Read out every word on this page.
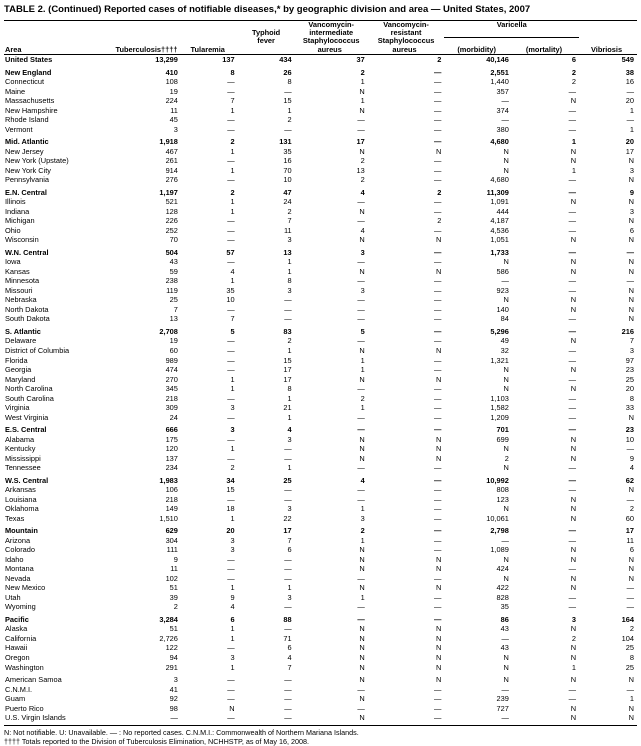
TABLE 2. (Continued) Reported cases of notifiable diseases,* by geographic division and area — United States, 2007
				Vancomycin-	Vancomycin-	Varicella		
			Typhoid	intermediate	resistant			
			fever	Staphylococcus	Staphylococcus			
Area	Tuberculosis††††	Tularemia		aureus	aureus	(morbidity)	(mortality)	Vibriosis
United States	13,299	137	434	37	2	40,146	6	549

New England	410	8	26	2	—	2,551	2	38
Connecticut	108	—	8	1	—	1,440	2	16
Maine	19	—	—	N	—	357	—	—
Massachusetts	224	7	15	1	—	—	N	20
New Hampshire	11	1	1	N	—	374	—	1
Rhode Island	45	—	2	—	—	—	—	—
Vermont	3	—	—	—	—	380	—	1

Mid. Atlantic	1,918	2	131	17	—	4,680	1	20
New Jersey	467	1	35	N	N	N	N	17
New York (Upstate)	261	—	16	2	—	N	N	N
New York City	914	1	70	13	—	N	1	3
Pennsylvania	276	—	10	2	—	4,680	—	N

E.N. Central	1,197	2	47	4	2	11,309	—	9
Illinois	521	1	24	—	—	1,091	N	N
Indiana	128	1	2	N	—	444	—	3
Michigan	226	—	7	—	2	4,187	—	N
Ohio	252	—	11	4	—	4,536	—	6
Wisconsin	70	—	3	N	N	1,051	N	N

W.N. Central	504	57	13	3	—	1,733	—	—
Iowa	43	—	1	—	—	N	N	N
Kansas	59	4	1	N	N	586	N	N
Minnesota	238	1	8	—	—	—	—	—
Missouri	119	35	3	3	—	923	—	N
Nebraska	25	10	—	—	—	N	N	N
North Dakota	7	—	—	—	—	140	N	N
South Dakota	13	7	—	—	—	84	—	N

S. Atlantic	2,708	5	83	5	—	5,296	—	216
Delaware	19	—	2	—	—	49	N	7
District of Columbia	60	—	1	N	N	32	—	3
Florida	989	—	15	1	—	1,321	—	97
Georgia	474	—	17	1	—	N	N	23
Maryland	270	1	17	N	N	N	—	25
North Carolina	345	1	8	—	—	N	N	20
South Carolina	218	—	1	2	—	1,103	—	8
Virginia	309	3	21	1	—	1,582	—	33
West Virginia	24	—	1	—	—	1,209	—	N

E.S. Central	666	3	4	—	—	701	—	23
Alabama	175	—	3	N	N	699	N	10
Kentucky	120	1	—	N	N	N	N	—
Mississippi	137	—	—	N	N	2	N	9
Tennessee	234	2	1	—	—	N	—	4

W.S. Central	1,983	34	25	4	—	10,992	—	62
Arkansas	106	15	—	—	—	808	—	N
Louisiana	218	—	—	—	—	123	N	—
Oklahoma	149	18	3	1	—	N	N	2
Texas	1,510	1	22	3	—	10,061	N	60

Mountain	629	20	17	2	—	2,798	—	17
Arizona	304	3	7	1	—	—	—	11
Colorado	111	3	6	N	—	1,089	N	6
Idaho	9	—	—	N	N	N	N	N
Montana	11	—	—	N	N	424	—	N
Nevada	102	—	—	—	—	N	N	N
New Mexico	51	1	1	N	N	422	N	—
Utah	39	9	3	1	—	828	—	—
Wyoming	2	4	—	—	—	35	—	—

Pacific	3,284	6	88	—	—	86	3	164
Alaska	51	1	—	N	N	43	N	2
California	2,726	1	71	N	N	—	2	104
Hawaii	122	—	6	N	N	43	N	25
Oregon	94	3	4	N	N	N	N	8
Washington	291	1	7	N	N	N	1	25

American Samoa	3	—	—	N	N	N	N	N
C.N.M.I.	41	—	—	—	—	—	—	—
Guam	92	—	—	N	—	239	—	1
Puerto Rico	98	N	—	—	—	727	N	N
U.S. Virgin Islands	—	—	—	N	—	—	N	N
N: Not notifiable. U: Unavailable. — : No reported cases. C.N.M.I.: Commonwealth of Northern Mariana Islands.
†††† Totals reported to the Division of Tuberculosis Elimination, NCHHSTP, as of May 16, 2008.
